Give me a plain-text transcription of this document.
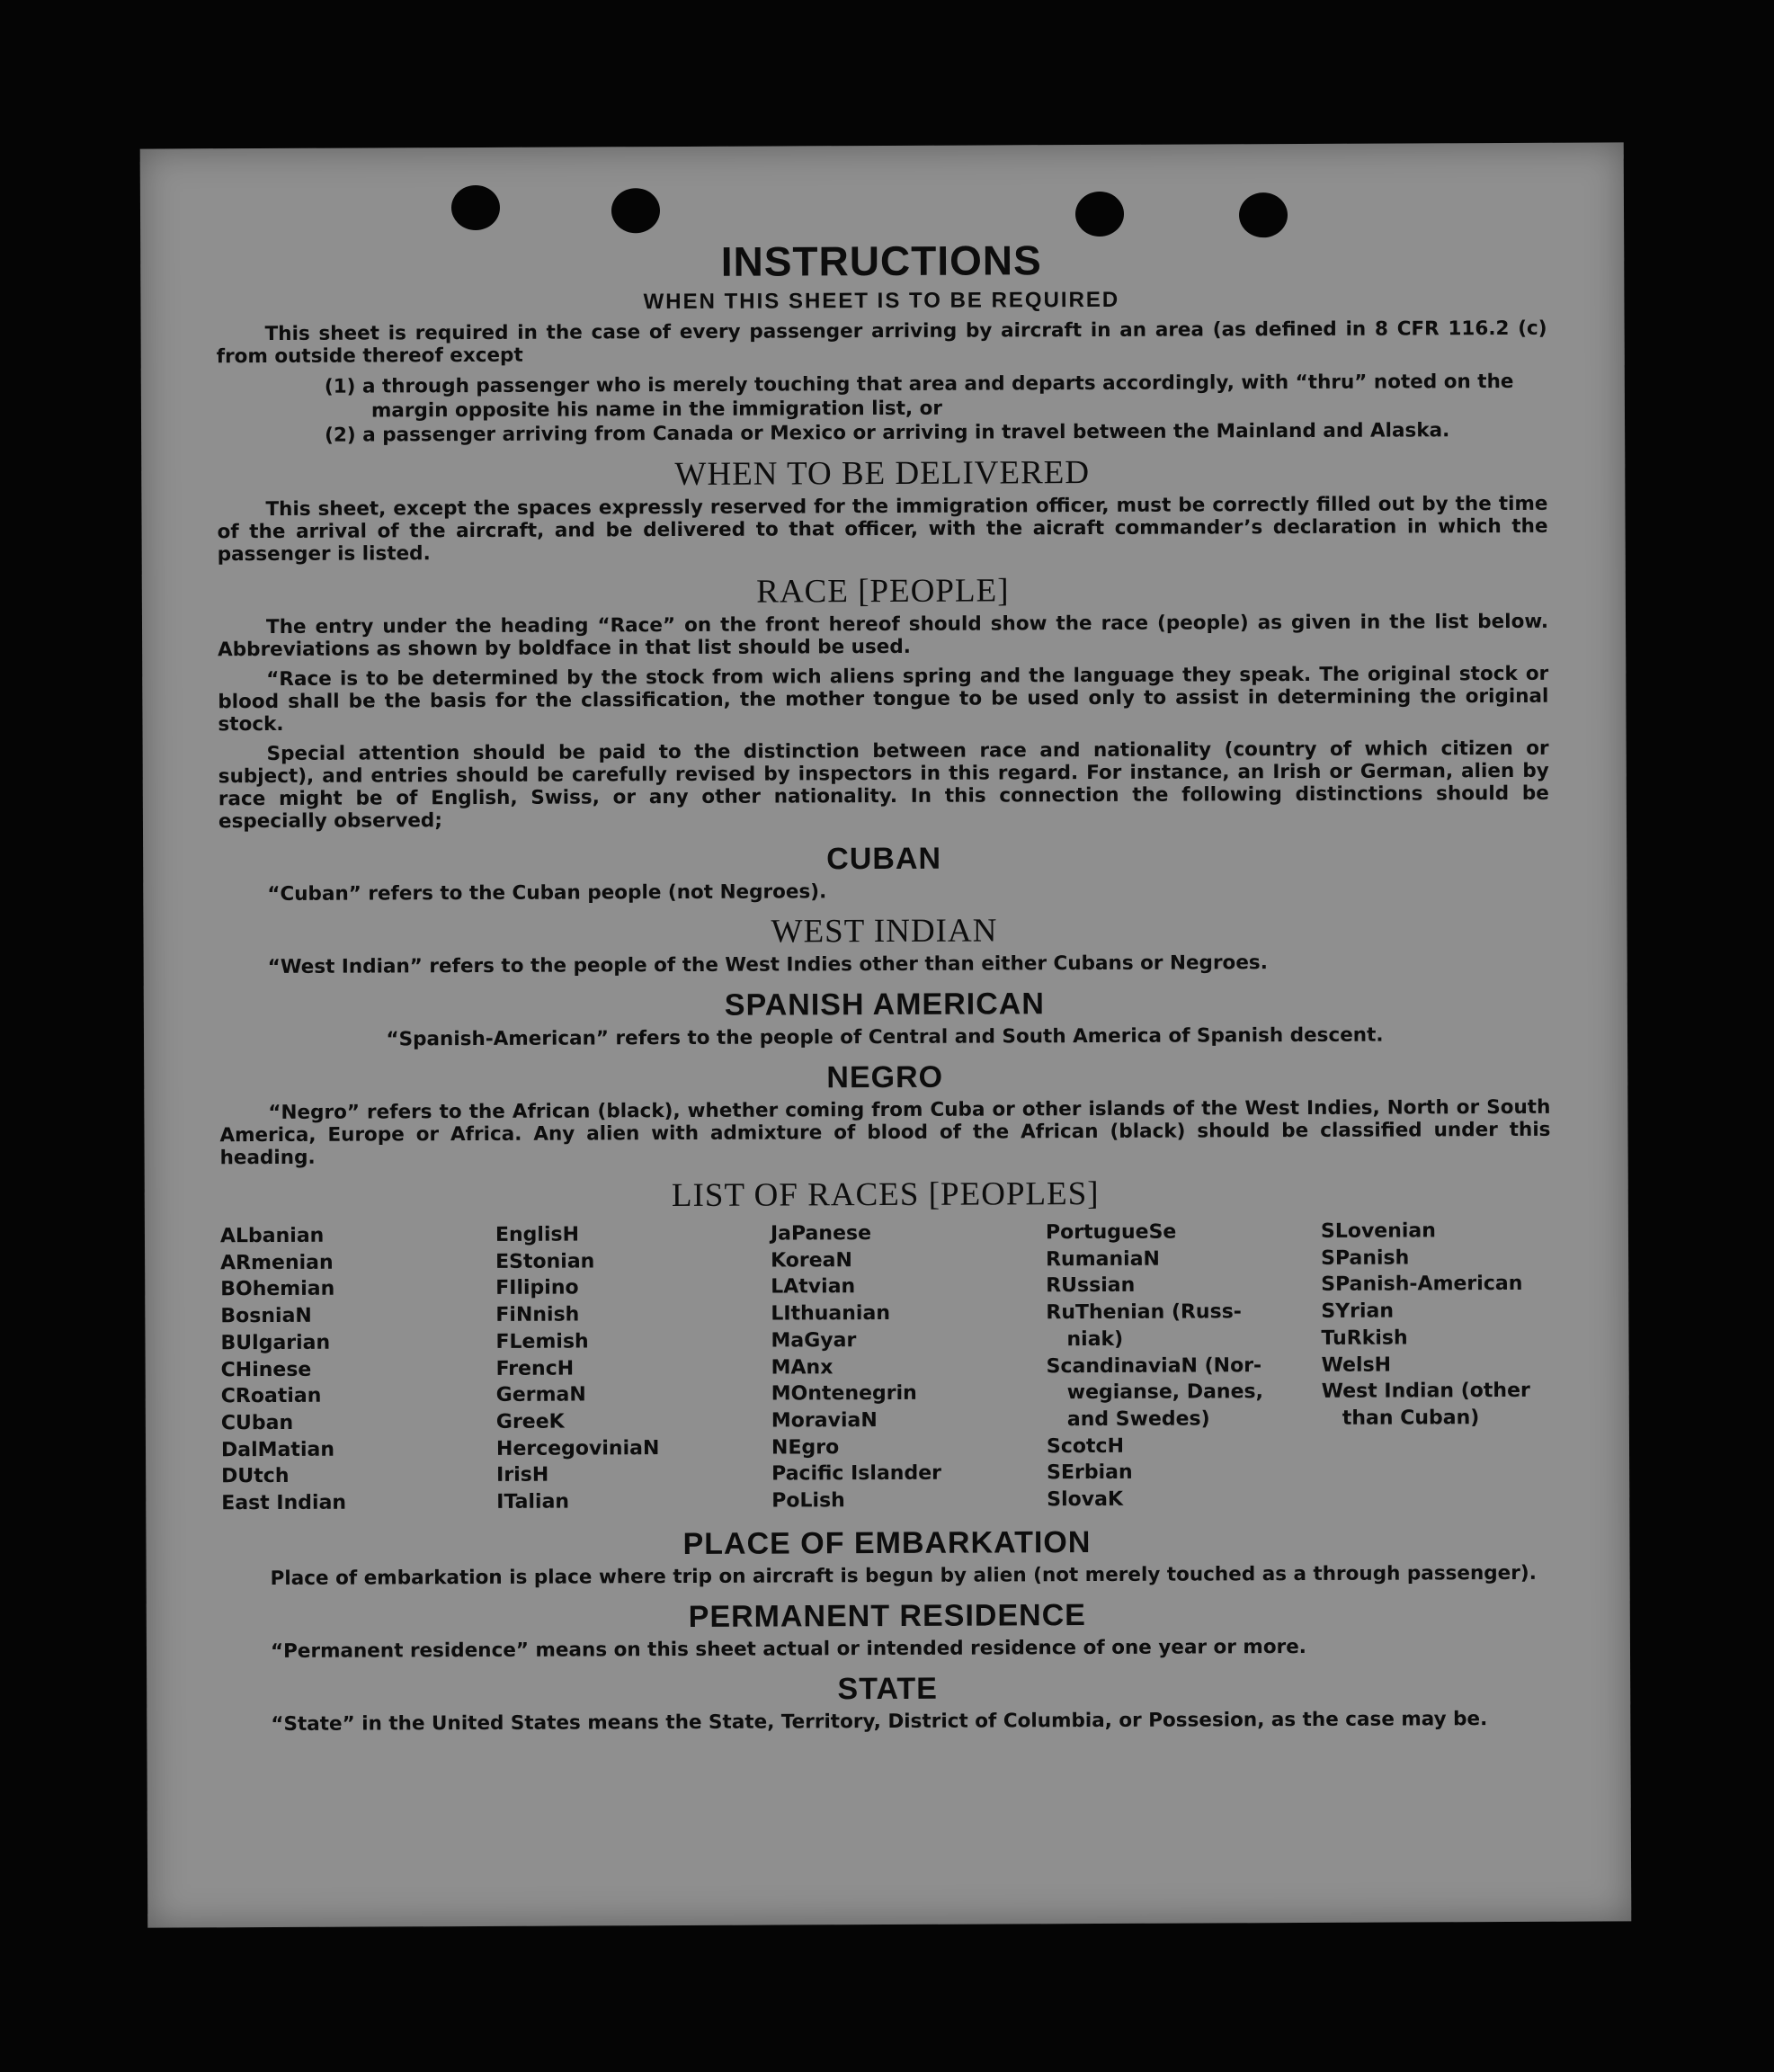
INSTRUCTIONS
WHEN THIS SHEET IS TO BE REQUIRED

This sheet is required in the case of every passenger arriving by aircraft in an area (as defined in 8 CFR 116.2 (c) from outside thereof except

(1) a through passenger who is merely touching that area and departs accordingly, with “thru” noted on the margin opposite his name in the immigration list, or
(2) a passenger arriving from Canada or Mexico or arriving in travel between the Mainland and Alaska.
WHEN TO BE DELIVERED

This sheet, except the spaces expressly reserved for the immigration officer, must be correctly filled out by the time of the arrival of the aircraft, and be delivered to that officer, with the aicraft commander’s declaration in which the passenger is listed.

RACE [PEOPLE]

The entry under the heading “Race” on the front hereof should show the race (people) as given in the list below. Abbreviations as shown by boldface in that list should be used.

“Race is to be determined by the stock from wich aliens spring and the language they speak. The original stock or blood shall be the basis for the classification, the mother tongue to be used only to assist in determining the original stock.

Special attention should be paid to the distinction between race and nationality (country of which citizen or subject), and entries should be carefully revised by inspectors in this regard. For instance, an Irish or German, alien by race might be of English, Swiss, or any other nationality. In this connection the following distinctions should be especially observed;

CUBAN

“Cuban” refers to the Cuban people (not Negroes).

WEST INDIAN

“West Indian” refers to the people of the West Indies other than either Cubans or Negroes.

SPANISH AMERICAN

“Spanish-American” refers to the people of Central and South America of Spanish descent.

NEGRO

“Negro” refers to the African (black), whether coming from Cuba or other islands of the West Indies, North or South America, Europe or Africa. Any alien with admixture of blood of the African (black) should be classified under this heading.

LIST OF RACES [PEOPLES]
ALbanian
ARmenian
BOhemian
BosniaN
BUlgarian
CHinese
CRoatian
CUban
DalMatian
DUtch
East Indian
EnglisH
EStonian
FIlipino
FiNnish
FLemish
FrencH
GermaN
GreeK
HercegovinіaN
IrisH
ITalian
JaPanese
KoreaN
LAtvian
LIthuanian
MaGyar
MAnx
MOntenegrin
MoraviaN
NEgro
Pacific Islander
PoLish
PortugueSe
RumaniaN
RUssian
RuThenian (Russ-
niak)
ScandinaviaN (Nor-
wegianse, Danes,
and Swedes)
ScotcH
SErbian
SlovaK
SLovenian
SPanish
SPanish-American
SYrian
TuRkish
WelsH
West Indian (other
than Cuban)
PLACE OF EMBARKATION

Place of embarkation is place where trip on aircraft is begun by alien (not merely touched as a through passenger).

PERMANENT RESIDENCE

“Permanent residence” means on this sheet actual or intended residence of one year or more.

STATE

“State” in the United States means the State, Territory, District of Columbia, or Possesion, as the case may be.
